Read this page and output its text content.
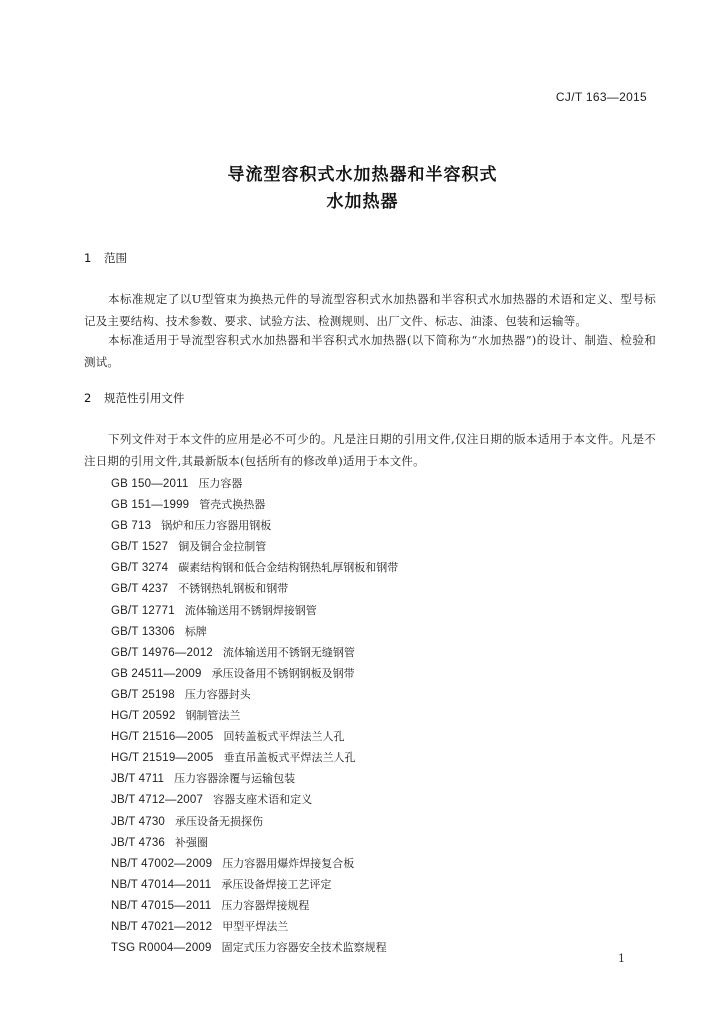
CJ/T 163—2015
导流型容积式水加热器和半容积式
水加热器
1 范围
本标准规定了以U型管束为换热元件的导流型容积式水加热器和半容积式水加热器的术语和定义、型号标记及主要结构、技术参数、要求、试验方法、检测规则、出厂文件、标志、油漆、包装和运输等。
本标准适用于导流型容积式水加热器和半容积式水加热器(以下简称为“水加热器”)的设计、制造、检验和测试。
2 规范性引用文件
下列文件对于本文件的应用是必不可少的。凡是注日期的引用文件,仅注日期的版本适用于本文件。凡是不注日期的引用文件,其最新版本(包括所有的修改单)适用于本文件。
GB 150—2011 压力容器
GB 151—1999 管壳式换热器
GB 713 锅炉和压力容器用钢板
GB/T 1527 铜及铜合金拉制管
GB/T 3274 碳素结构钢和低合金结构钢热轧厚钢板和钢带
GB/T 4237 不锈钢热轧钢板和钢带
GB/T 12771 流体输送用不锈钢焊接钢管
GB/T 13306 标牌
GB/T 14976—2012 流体输送用不锈钢无缝钢管
GB 24511—2009 承压设备用不锈钢钢板及钢带
GB/T 25198 压力容器封头
HG/T 20592 钢制管法兰
HG/T 21516—2005 回转盖板式平焊法兰人孔
HG/T 21519—2005 垂直吊盖板式平焊法兰人孔
JB/T 4711 压力容器涂覆与运输包装
JB/T 4712—2007 容器支座术语和定义
JB/T 4730 承压设备无损探伤
JB/T 4736 补强圈
NB/T 47002—2009 压力容器用爆炸焊接复合板
NB/T 47014—2011 承压设备焊接工艺评定
NB/T 47015—2011 压力容器焊接规程
NB/T 47021—2012 甲型平焊法兰
TSG R0004—2009 固定式压力容器安全技术监察规程
1
